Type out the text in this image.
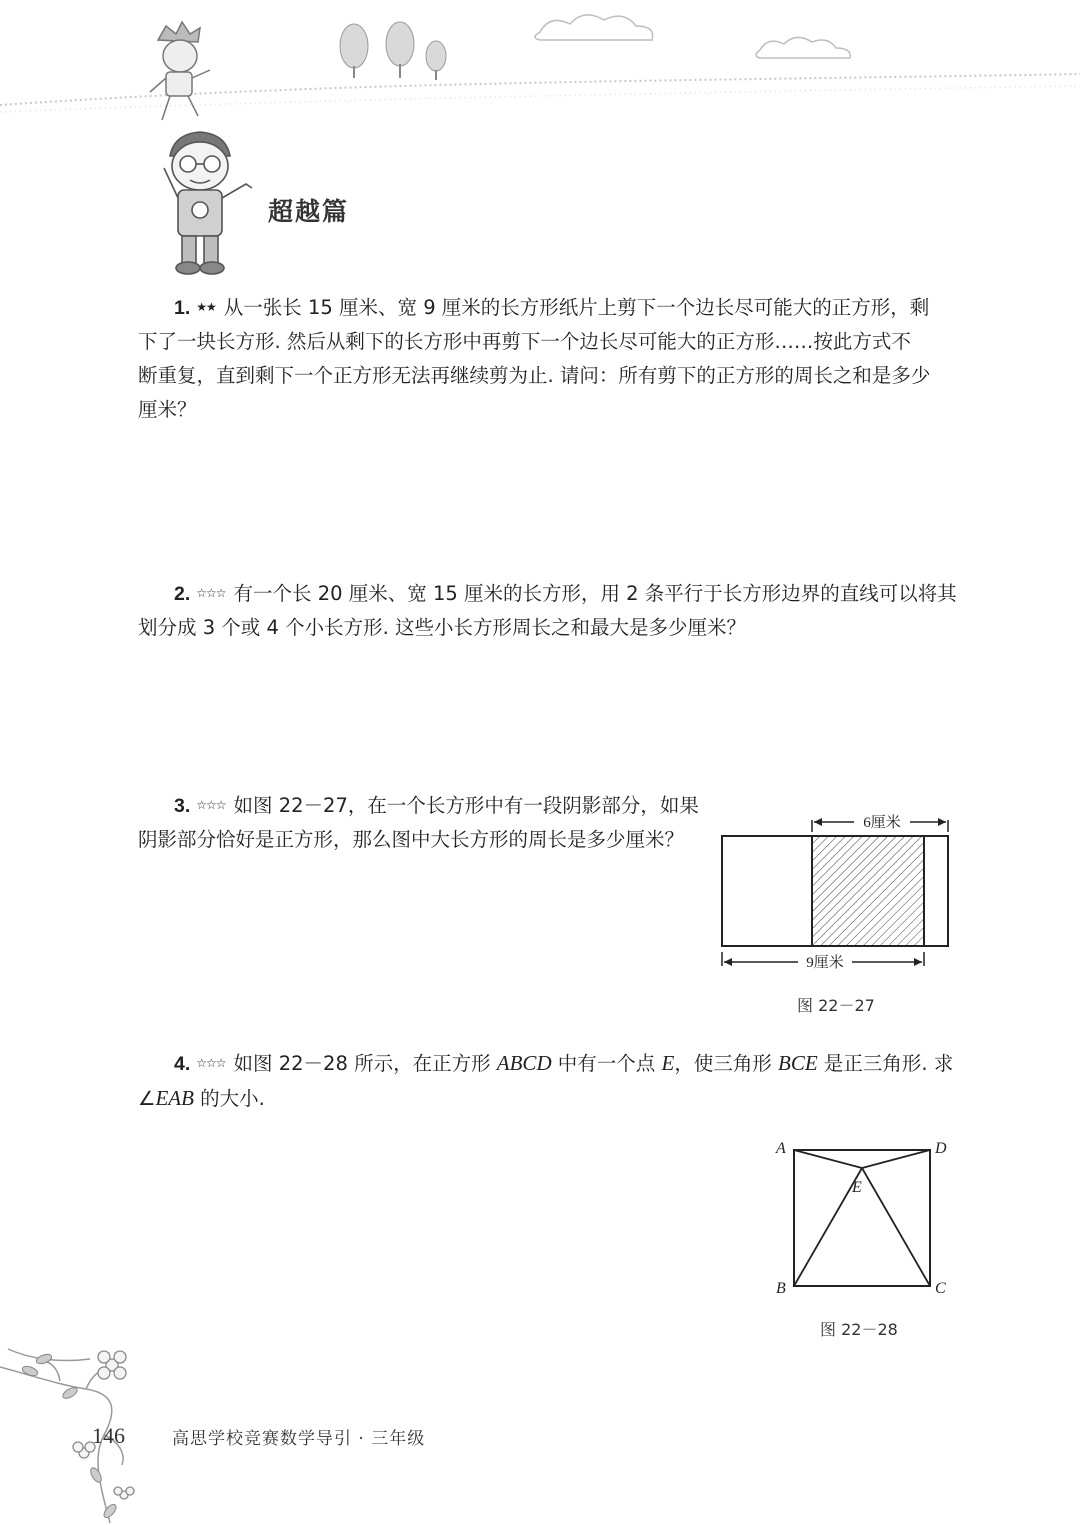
超越篇

1. ★★ 从一张长 15 厘米、宽 9 厘米的长方形纸片上剪下一个边长尽可能大的正方形，剩

下了一块长方形. 然后从剩下的长方形中再剪下一个边长尽可能大的正方形……按此方式不

断重复，直到剩下一个正方形无法再继续剪为止. 请问：所有剪下的正方形的周长之和是多少

厘米？

2. ☆☆☆ 有一个长 20 厘米、宽 15 厘米的长方形，用 2 条平行于长方形边界的直线可以将其

划分成 3 个或 4 个小长方形. 这些小长方形周长之和最大是多少厘米？

3. ☆☆☆ 如图 22－27，在一个长方形中有一段阴影部分，如果

阴影部分恰好是正方形，那么图中大长方形的周长是多少厘米？

6厘米
9厘米
图 22－27

4. ☆☆☆ 如图 22－28 所示，在正方形 ABCD 中有一个点 E，使三角形 BCE 是正三角形. 求

∠EAB 的大小.

A	D
E
B	C
图 22－28
146	高思学校竞赛数学导引 · 三年级
